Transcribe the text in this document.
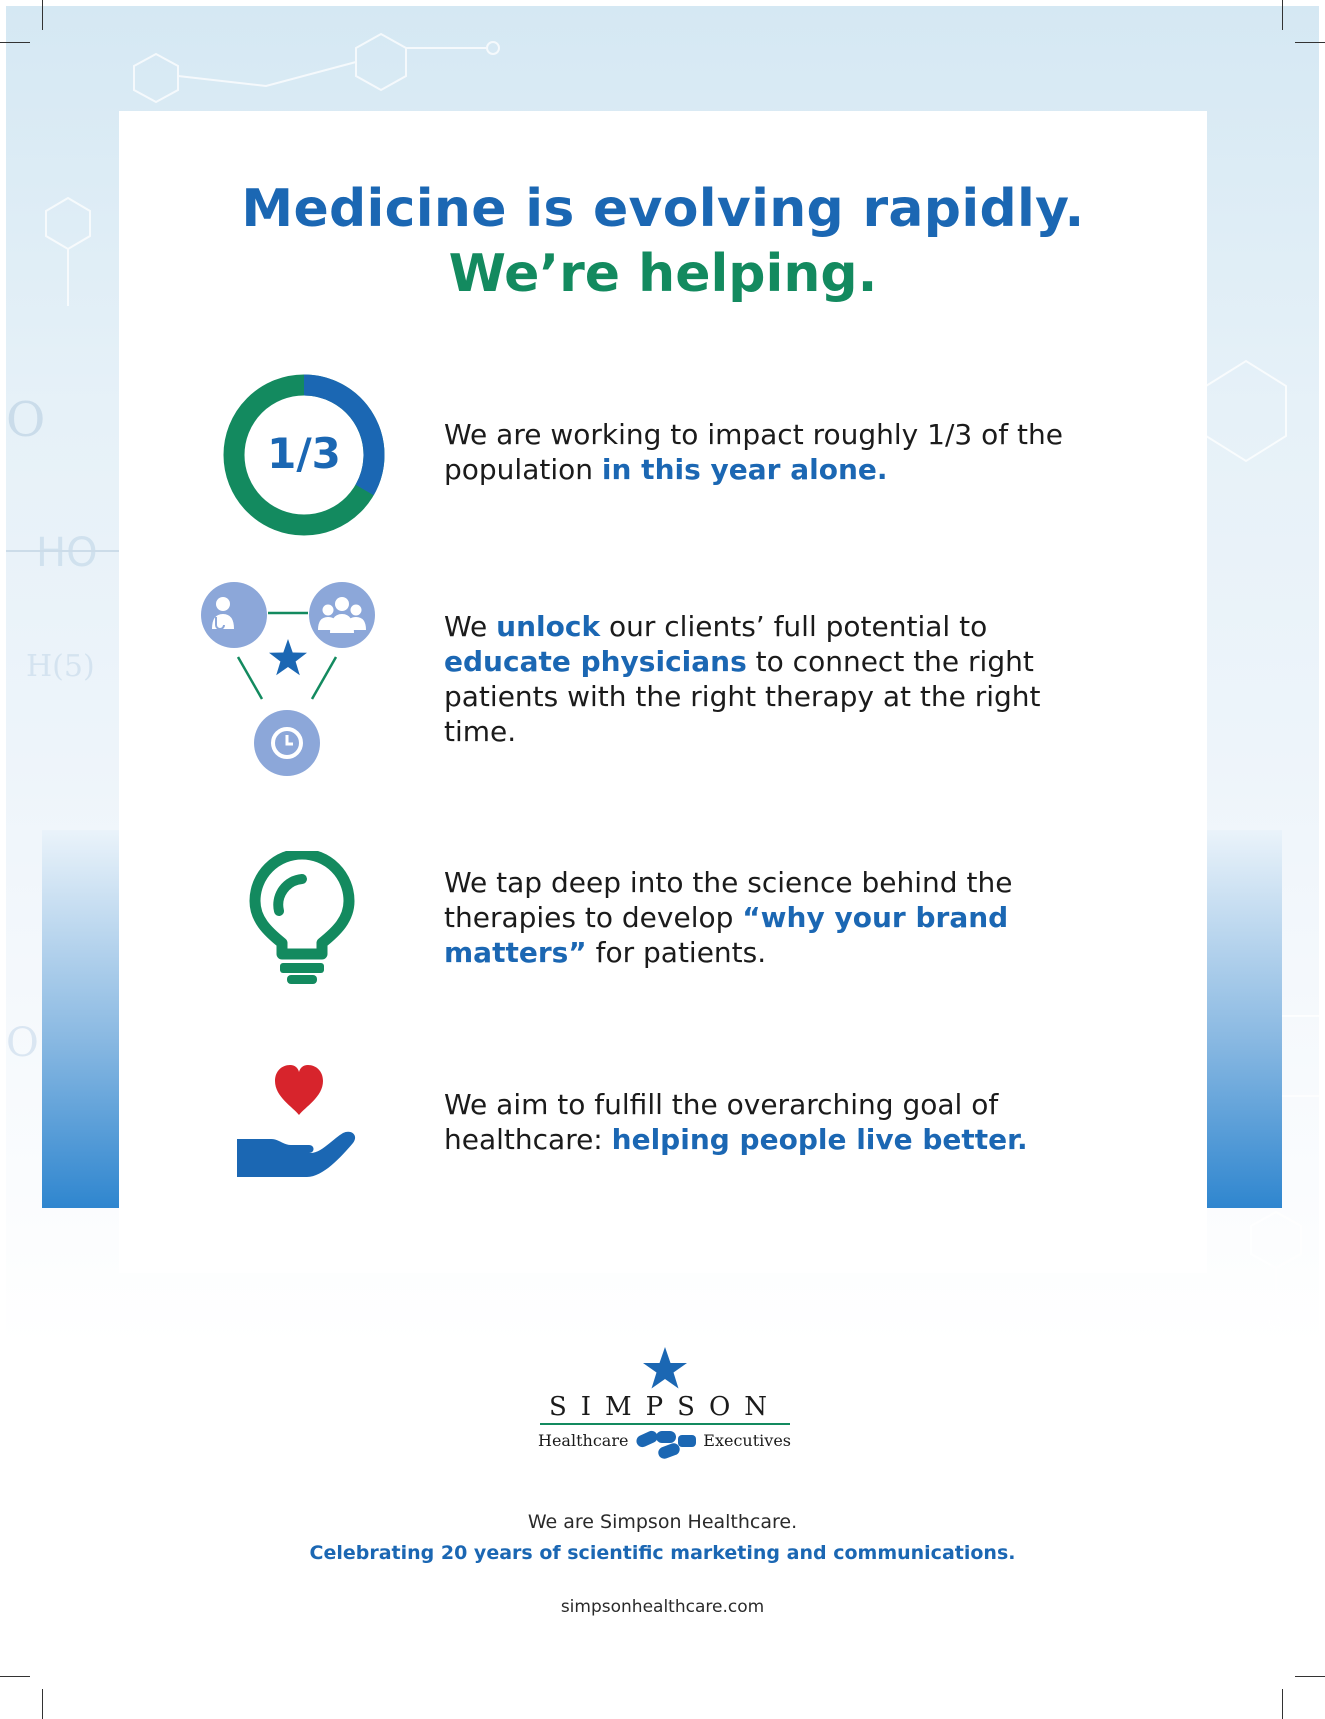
O
HO
H(5)
O
Medicine is evolving rapidly.
We’re helping.
1/3	We are working to impact roughly 1/3 of the population in this year alone.
We unlock our clients’ full potential to educate physicians to connect the right patients with the right therapy at the right time.
We tap deep into the science behind the therapies to develop “why your brand matters” for patients.
We aim to fulfill the overarching goal of healthcare: helping people live better.
SIMPSON
Healthcare	Executives

We are Simpson Healthcare.

Celebrating 20 years of scientific marketing and communications.

simpsonhealthcare.com
